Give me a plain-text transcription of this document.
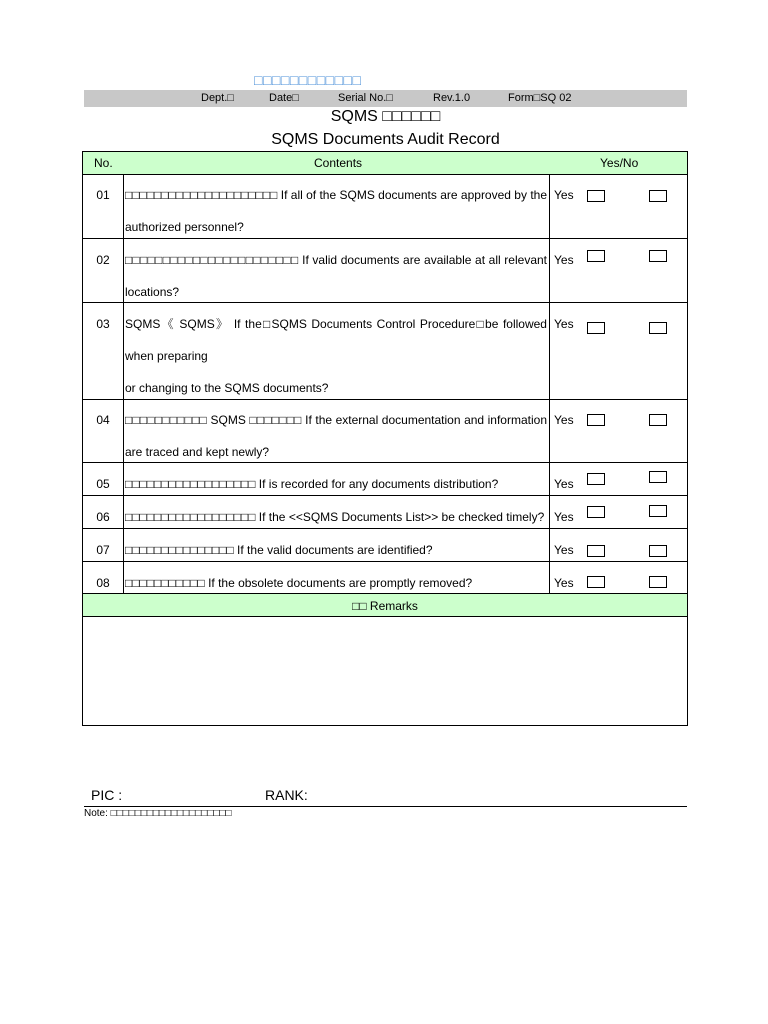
□□□□□□□□□□□□
Dept.□	Date□	Serial No.□	Rev.1.0	Form□SQ 02
SQMS □□□□□□
SQMS Documents Audit Record
No.	Contents	Yes/No
01	□□□□□□□□□□□□□□□□□□□□□ If all of the SQMS documents are approved by the authorized personnel?
Yes
02	□□□□□□□□□□□□□□□□□□□□□□□ If valid documents are available at all relevant locations?
Yes
03	SQMS《 SQMS》 If the□SQMS Documents Control Procedure□be followed when preparing
or changing to the SQMS documents?
Yes
04	□□□□□□□□□□□ SQMS □□□□□□□ If the external documentation and information are traced and kept newly?
Yes
05	□□□□□□□□□□□□□□□□□□ If is recorded for any documents distribution?	Yes
06	□□□□□□□□□□□□□□□□□□ If the <<SQMS Documents List>> be checked timely? Yes
07	□□□□□□□□□□□□□□□ If the valid documents are identified?	Yes
08	□□□□□□□□□□□ If the obsolete documents are promptly removed?	Yes
□□ Remarks
PIC :	RANK:
Note: □□□□□□□□□□□□□□□□□□□□
